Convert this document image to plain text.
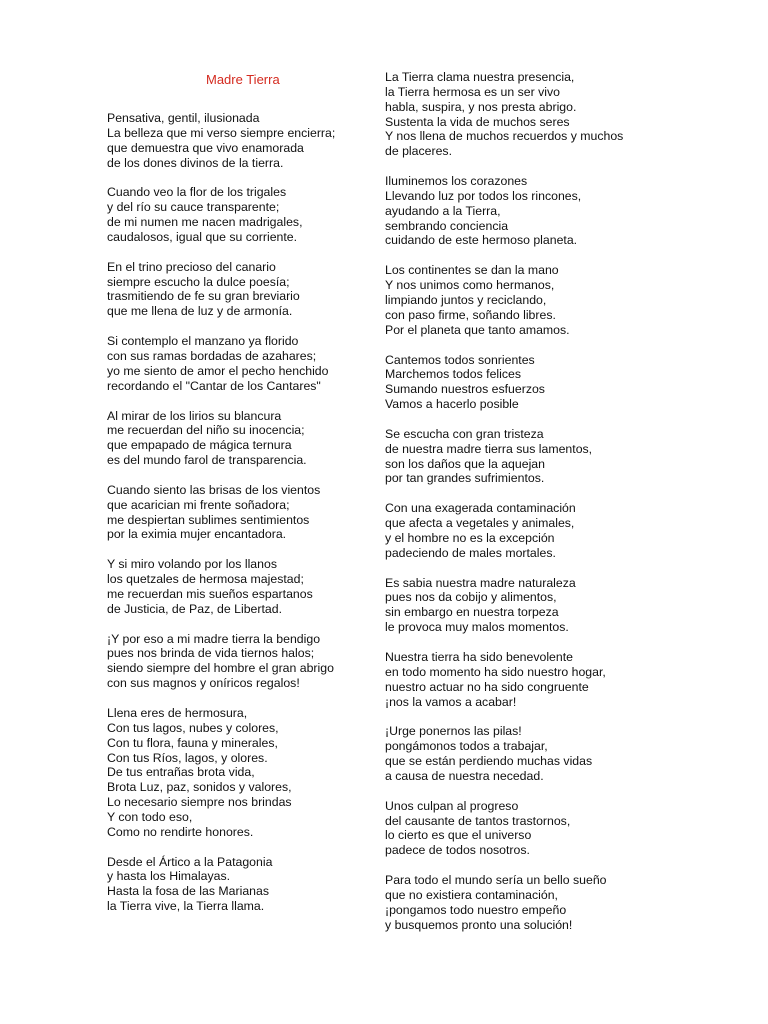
Madre Tierra
Pensativa, gentil, ilusionada
La belleza que mi verso siempre encierra;
que demuestra que vivo enamorada
de los dones divinos de la tierra.
Cuando veo la flor de los trigales
y del río su cauce transparente;
de mi numen me nacen madrigales,
caudalosos, igual que su corriente.
En el trino precioso del canario
siempre escucho la dulce poesía;
trasmitiendo de fe su gran breviario
que me llena de luz y de armonía.
Si contemplo el manzano ya florido
con sus ramas bordadas de azahares;
yo me siento de amor el pecho henchido
recordando el "Cantar de los Cantares"
Al mirar de los lirios su blancura
me recuerdan del niño su inocencia;
que empapado de mágica ternura
es del mundo farol de transparencia.
Cuando siento las brisas de los vientos
que acarician mi frente soñadora;
me despiertan sublimes sentimientos
por la eximia mujer encantadora.
Y si miro volando por los llanos
los quetzales de hermosa majestad;
me recuerdan mis sueños espartanos
de Justicia, de Paz, de Libertad.
¡Y por eso a mi madre tierra la bendigo
pues nos brinda de vida tiernos halos;
siendo siempre del hombre el gran abrigo
con sus magnos y oníricos regalos!
Llena eres de hermosura,
Con tus lagos, nubes y colores,
Con tu flora, fauna y minerales,
Con tus Ríos, lagos, y olores.
De tus entrañas brota vida,
Brota Luz, paz, sonidos y valores,
Lo necesario siempre nos brindas
Y con todo eso,
Como no rendirte honores.
Desde el Ártico a la Patagonia
y hasta los Himalayas.
Hasta la fosa de las Marianas
la Tierra vive, la Tierra llama.
La Tierra clama nuestra presencia,
la Tierra hermosa es un ser vivo
habla, suspira, y nos presta abrigo.
Sustenta la vida de muchos seres
Y nos llena de muchos recuerdos y muchos
de placeres.
Iluminemos los corazones
Llevando luz por todos los rincones,
ayudando a la Tierra,
sembrando conciencia
cuidando de este hermoso planeta.
Los continentes se dan la mano
Y nos unimos como hermanos,
limpiando juntos y reciclando,
con paso firme, soñando libres.
Por el planeta que tanto amamos.
Cantemos todos sonrientes
Marchemos todos felices
Sumando nuestros esfuerzos
Vamos a hacerlo posible
Se escucha con gran tristeza
de nuestra madre tierra sus lamentos,
son los daños que la aquejan
por tan grandes sufrimientos.
Con una exagerada contaminación
que afecta a vegetales y animales,
y el hombre no es la excepción
padeciendo de males mortales.
Es sabia nuestra madre naturaleza
pues nos da cobijo y alimentos,
sin embargo en nuestra torpeza
le provoca muy malos momentos.
Nuestra tierra ha sido benevolente
en todo momento ha sido nuestro hogar,
nuestro actuar no ha sido congruente
¡nos la vamos a acabar!
¡Urge ponernos las pilas!
pongámonos todos a trabajar,
que se están perdiendo muchas vidas
a causa de nuestra necedad.
Unos culpan al progreso
del causante de tantos trastornos,
lo cierto es que el universo
padece de todos nosotros.
Para todo el mundo sería un bello sueño
que no existiera contaminación,
¡pongamos todo nuestro empeño
y busquemos pronto una solución!
